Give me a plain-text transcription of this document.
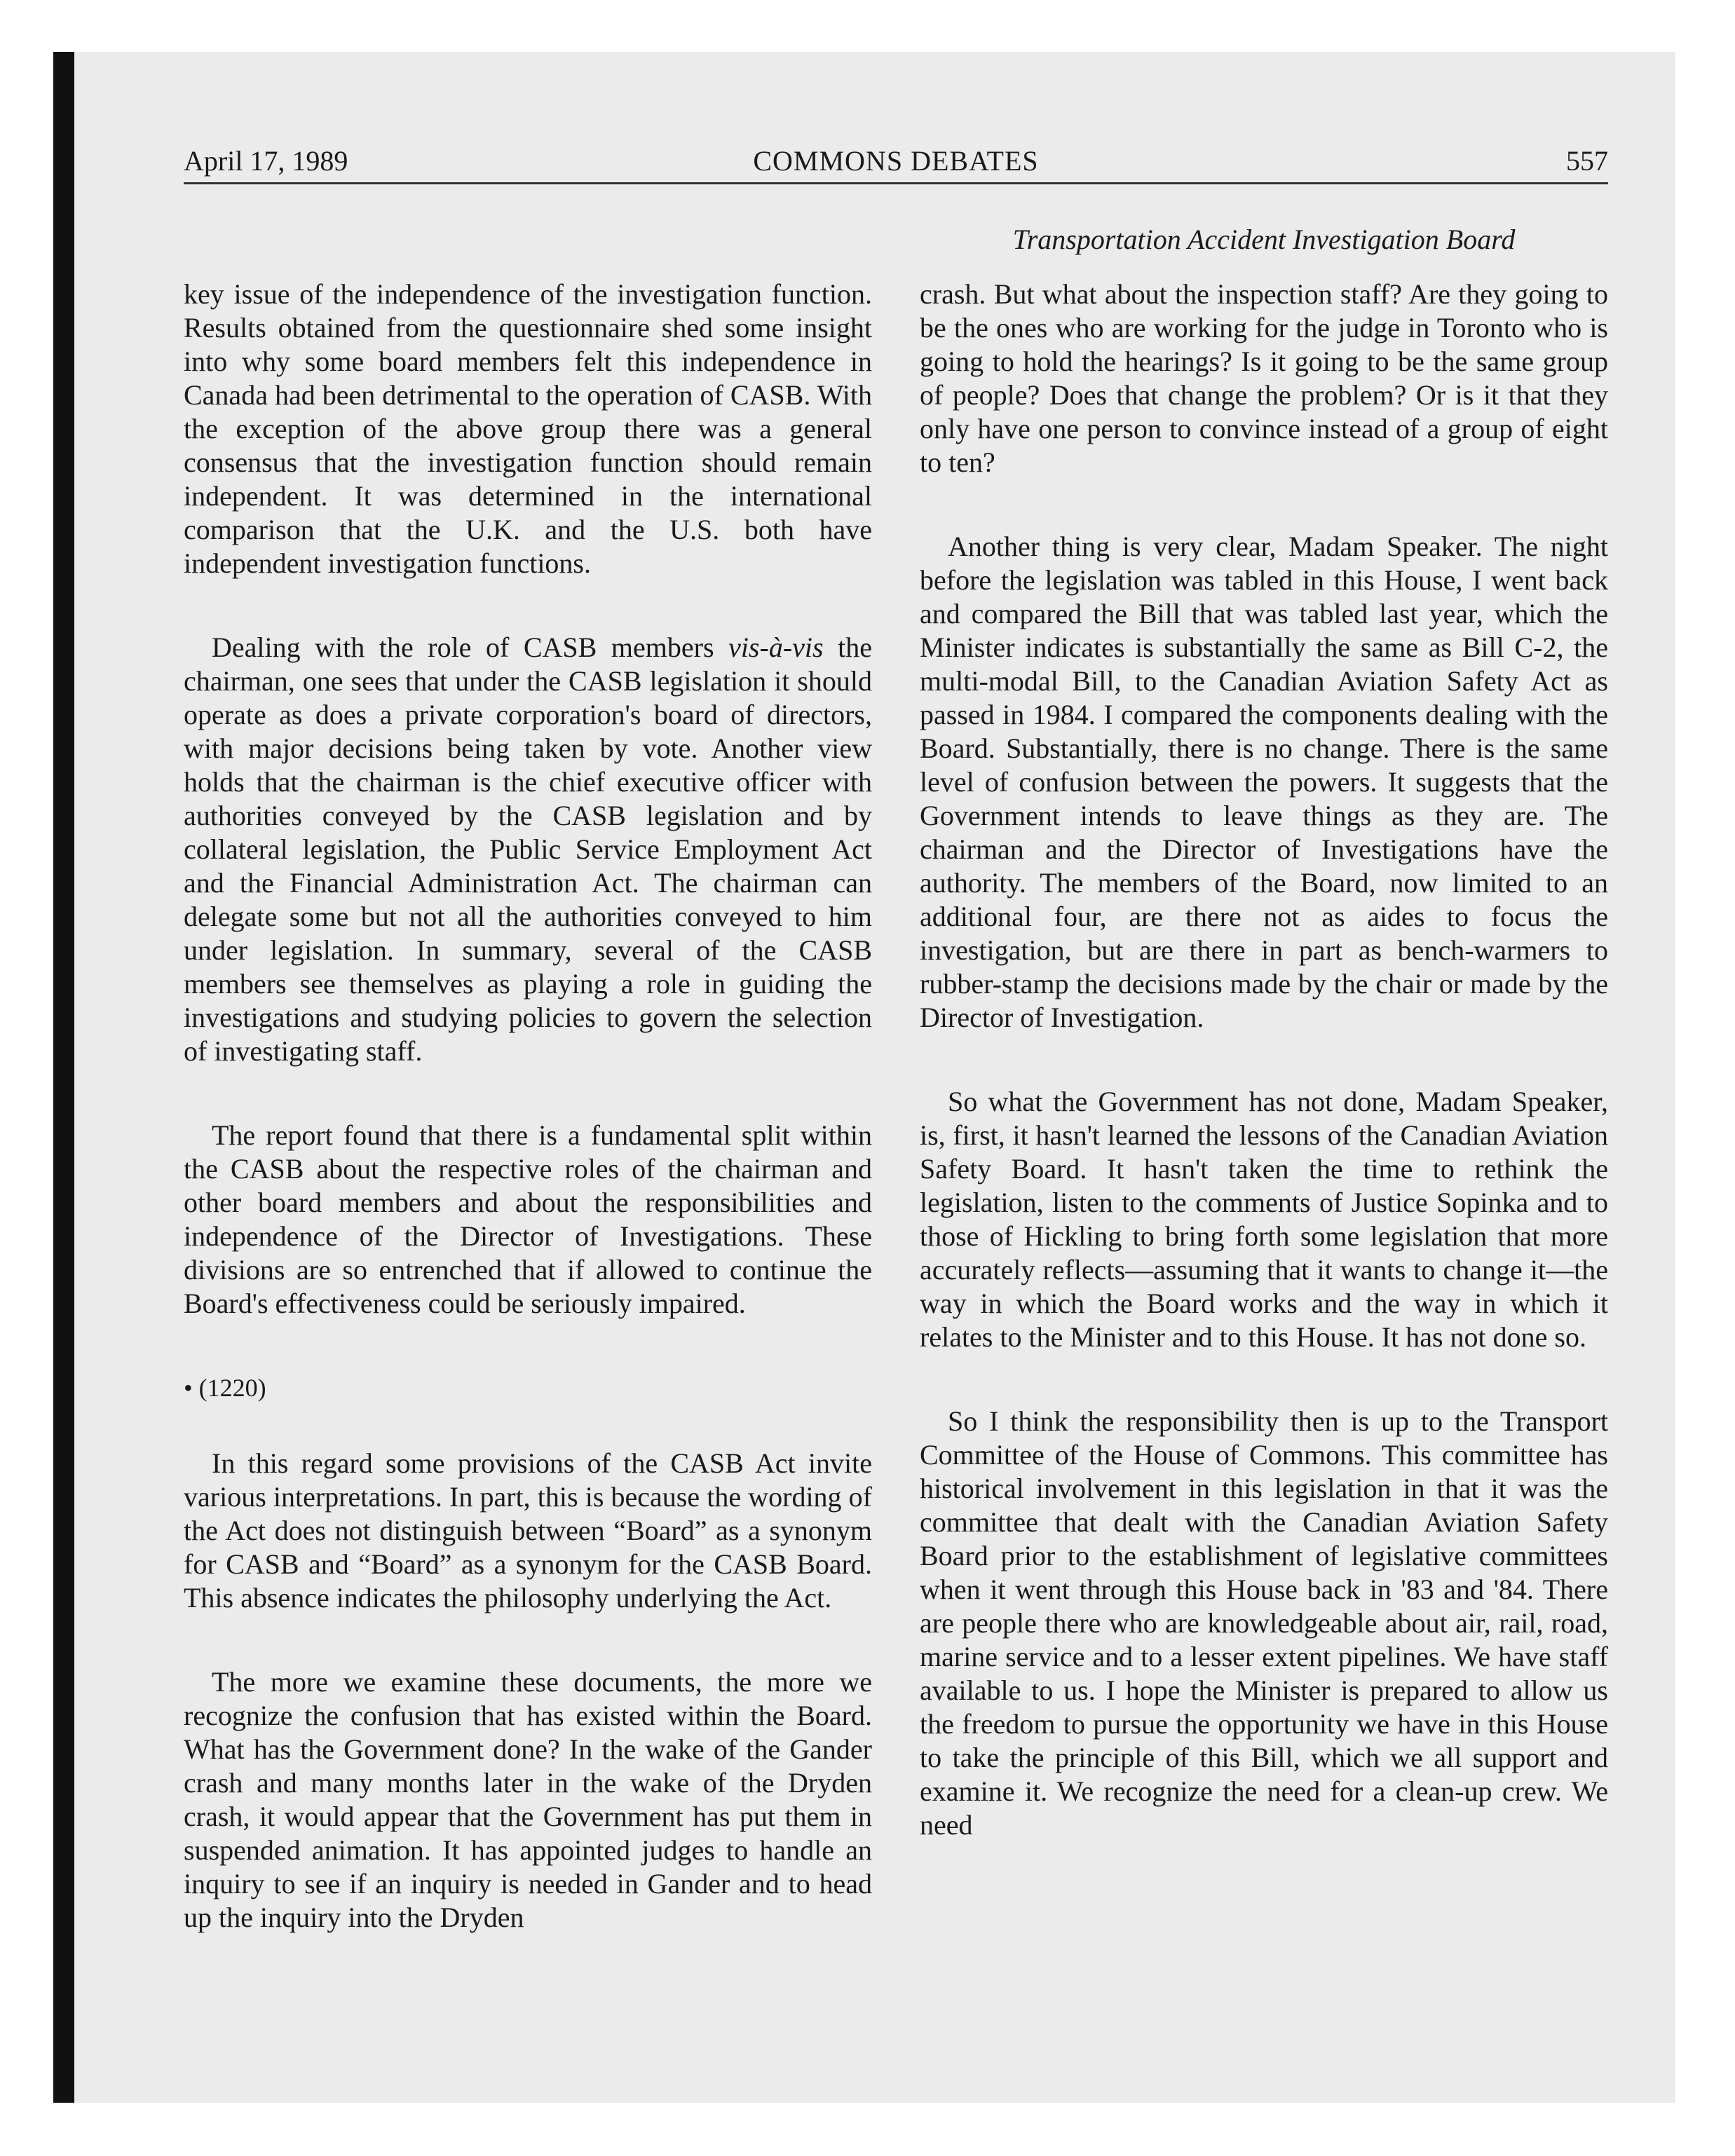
April 17, 1989	COMMONS DEBATES	557
Transportation Accident Investigation Board

key issue of the independence of the investigation function. Results obtained from the questionnaire shed some insight into why some board members felt this independence in Canada had been detrimental to the operation of CASB. With the exception of the above group there was a general consensus that the investigation function should remain independent. It was determined in the international comparison that the U.K. and the U.S. both have independent investigation functions.

Dealing with the role of CASB members vis-à-vis the chairman, one sees that under the CASB legislation it should operate as does a private corporation's board of directors, with major decisions being taken by vote. Another view holds that the chairman is the chief executive officer with authorities conveyed by the CASB legislation and by collateral legislation, the Public Service Employment Act and the Financial Administration Act. The chairman can delegate some but not all the authorities conveyed to him under legislation. In summary, several of the CASB members see themselves as playing a role in guiding the investigations and studying policies to govern the selection of investigating staff.

The report found that there is a fundamental split within the CASB about the respective roles of the chairman and other board members and about the responsibilities and independence of the Director of Investigations. These divisions are so entrenched that if allowed to continue the Board's effectiveness could be seriously impaired.

• (1220)

In this regard some provisions of the CASB Act invite various interpretations. In part, this is because the wording of the Act does not distinguish between “Board” as a synonym for CASB and “Board” as a synonym for the CASB Board. This absence indicates the philosophy underlying the Act.

The more we examine these documents, the more we recognize the confusion that has existed within the Board. What has the Government done? In the wake of the Gander crash and many months later in the wake of the Dryden crash, it would appear that the Government has put them in suspended animation. It has appointed judges to handle an inquiry to see if an inquiry is needed in Gander and to head up the inquiry into the Dryden

crash. But what about the inspection staff? Are they going to be the ones who are working for the judge in Toronto who is going to hold the hearings? Is it going to be the same group of people? Does that change the problem? Or is it that they only have one person to convince instead of a group of eight to ten?

Another thing is very clear, Madam Speaker. The night before the legislation was tabled in this House, I went back and compared the Bill that was tabled last year, which the Minister indicates is substantially the same as Bill C-2, the multi-modal Bill, to the Canadian Aviation Safety Act as passed in 1984. I compared the components dealing with the Board. Substantially, there is no change. There is the same level of confusion between the powers. It suggests that the Government intends to leave things as they are. The chairman and the Director of Investigations have the authority. The members of the Board, now limited to an additional four, are there not as aides to focus the investigation, but are there in part as bench-warmers to rubber-stamp the decisions made by the chair or made by the Director of Investigation.

So what the Government has not done, Madam Speaker, is, first, it hasn't learned the lessons of the Canadian Aviation Safety Board. It hasn't taken the time to rethink the legislation, listen to the comments of Justice Sopinka and to those of Hickling to bring forth some legislation that more accurately reflects—assuming that it wants to change it—the way in which the Board works and the way in which it relates to the Minister and to this House. It has not done so.

So I think the responsibility then is up to the Transport Committee of the House of Commons. This committee has historical involvement in this legislation in that it was the committee that dealt with the Canadian Aviation Safety Board prior to the establishment of legislative committees when it went through this House back in '83 and '84. There are people there who are knowledgeable about air, rail, road, marine service and to a lesser extent pipelines. We have staff available to us. I hope the Minister is prepared to allow us the freedom to pursue the opportunity we have in this House to take the principle of this Bill, which we all support and examine it. We recognize the need for a clean-up crew. We need
